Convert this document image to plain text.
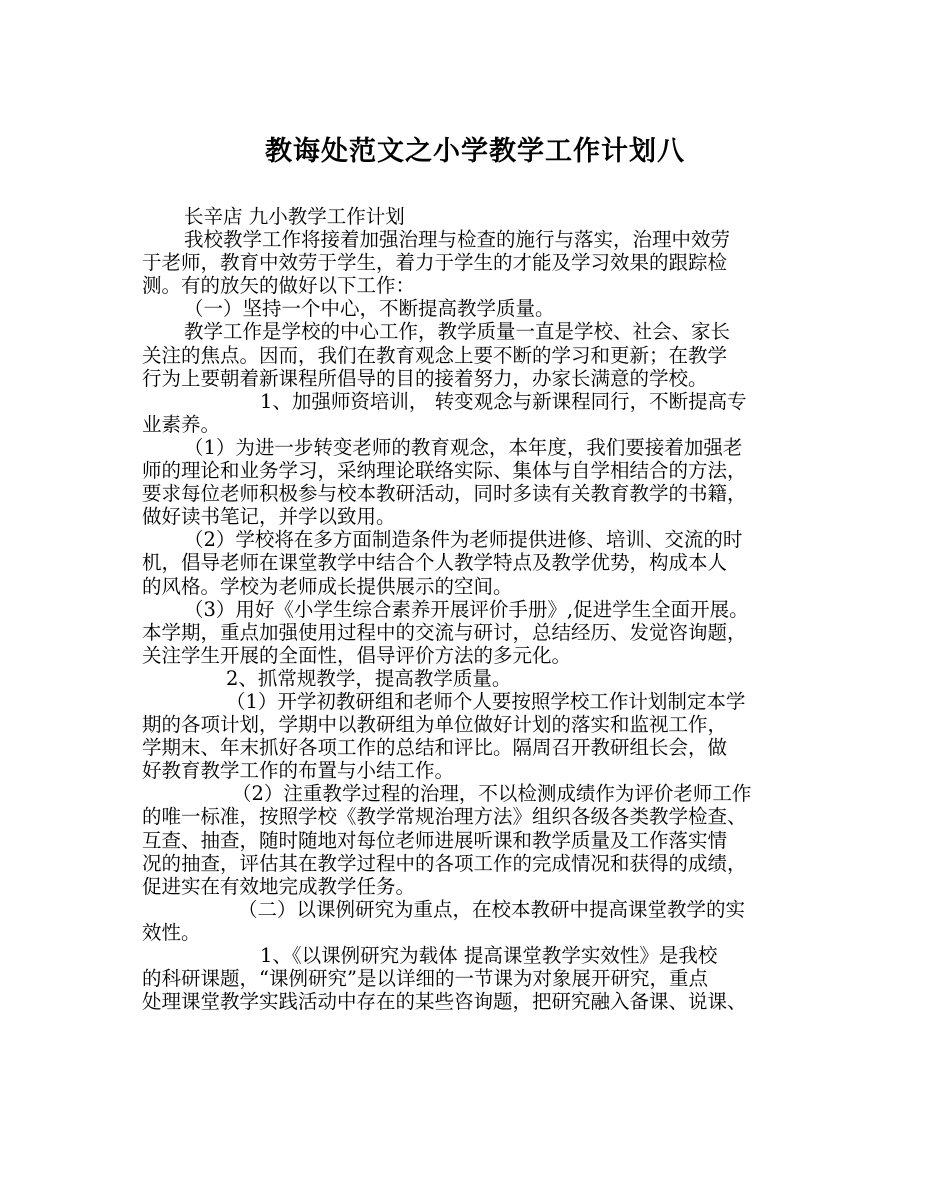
教诲处范文之小学教学工作计划八
长辛店 九小教学工作计划
我校教学工作将接着加强治理与检查的施行与落实，治理中效劳
于老师，教育中效劳于学生，着力于学生的才能及学习效果的跟踪检
测。有的放矢的做好以下工作：
（一）坚持一个中心，不断提高教学质量。
教学工作是学校的中心工作，教学质量一直是学校、社会、家长
关注的焦点。因而，我们在教育观念上要不断的学习和更新；在教学
行为上要朝着新课程所倡导的目的接着努力，办家长满意的学校。
1、加强师资培训， 转变观念与新课程同行，不断提高专
业素养。
（1）为进一步转变老师的教育观念，本年度，我们要接着加强老
师的理论和业务学习，采纳理论联络实际、集体与自学相结合的方法，
要求每位老师积极参与校本教研活动，同时多读有关教育教学的书籍，
做好读书笔记，并学以致用。
（2）学校将在多方面制造条件为老师提供进修、培训、交流的时
机，倡导老师在课堂教学中结合个人教学特点及教学优势，构成本人
的风格。学校为老师成长提供展示的空间。
（3）用好《小学生综合素养开展评价手册》,促进学生全面开展。
本学期，重点加强使用过程中的交流与研讨，总结经历、发觉咨询题，
关注学生开展的全面性，倡导评价方法的多元化。
2、抓常规教学，提高教学质量。
（1）开学初教研组和老师个人要按照学校工作计划制定本学
期的各项计划，学期中以教研组为单位做好计划的落实和监视工作，
学期末、年末抓好各项工作的总结和评比。隔周召开教研组长会，做
好教育教学工作的布置与小结工作。
（2）注重教学过程的治理，不以检测成绩作为评价老师工作
的唯一标准，按照学校《教学常规治理方法》组织各级各类教学检查、
互查、抽查，随时随地对每位老师进展听课和教学质量及工作落实情
况的抽查，评估其在教学过程中的各项工作的完成情况和获得的成绩，
促进实在有效地完成教学任务。
（二）以课例研究为重点，在校本教研中提高课堂教学的实
效性。
1、《以课例研究为载体 提高课堂教学实效性》是我校
的科研课题，“课例研究”是以详细的一节课为对象展开研究，重点
处理课堂教学实践活动中存在的某些咨询题，把研究融入备课、说课、
